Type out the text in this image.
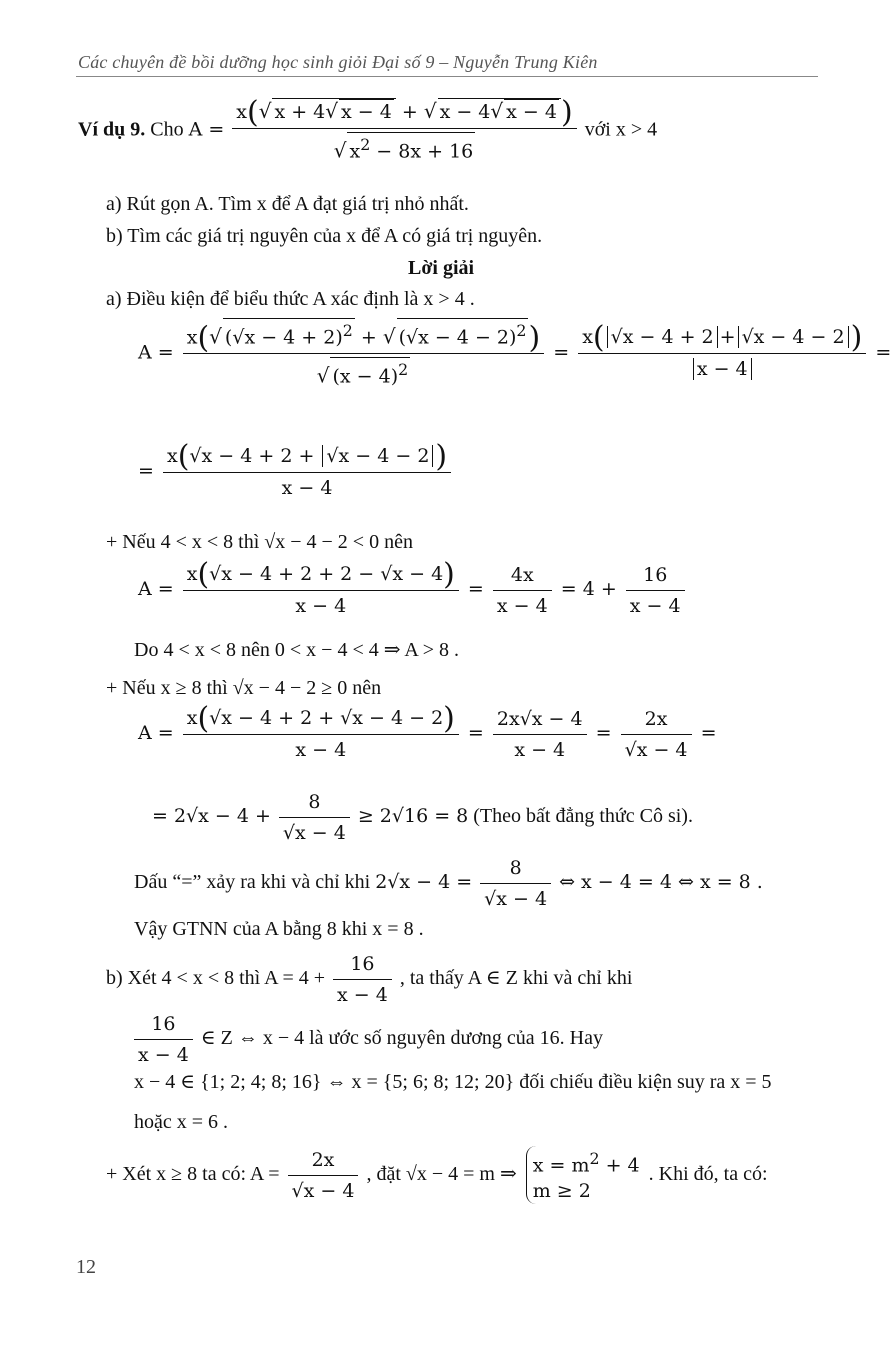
Các chuyên đề bồi dưỡng học sinh giỏi Đại số 9 – Nguyễn Trung Kiên
Ví dụ 9. Cho $A = \frac{x(√ x + 4√ x - 4 + √ x - 4√ x - 4 )}{√ x^2 - 8x + 16}$ với x > 4
a) Rút gọn A. Tìm x để A đạt giá trị nhỏ nhất.
b) Tìm các giá trị nguyên của x để A có giá trị nguyên.
Lời giải
a) Điều kiện để biểu thức A xác định là x > 4 .
$A = \frac{x(√ (√x - 4 + 2)^2 + √ (√x - 4 - 2)^2)}{√ (x - 4)^2} = \frac{x( √x - 4 + 2 + √x - 4 - 2 )}{x - 4}$ =
= $\frac{x(√x - 4 + 2 + √x - 4 - 2 )}{x - 4}$
+ Nếu 4 < x < 8 thì √x − 4 − 2 < 0 nên
$A = \frac{x(√x - 4 + 2 + 2 - √x - 4)}{x - 4} = \frac{4x}{x - 4} = 4 + \frac{16}{x - 4}$
Do 4 < x < 8 nên 0 < x − 4 < 4 ⇒ A > 8 .
+ Nếu x ≥ 8 thì √x − 4 − 2 ≥ 0 nên
$A = \frac{x(√x - 4 + 2 + √x - 4 - 2)}{x - 4} = \frac{2x√x - 4}{x - 4} = \frac{2x}{√x - 4}$ =
= $2√x - 4 + \frac{8}{√x - 4} \ge 2√16 = 8$ (Theo bất đẳng thức Cô si).
Dấu “=” xảy ra khi và chỉ khi $2√x - 4 = \frac{8}{√x - 4}$ ⇔ x − 4 = 4 ⇔ x = 8 .
Vậy GTNN của A bằng 8 khi x = 8 .
b) Xét 4 < x < 8 thì $A = 4 + \frac{16}{x - 4}$ , ta thấy A ∈ Z khi và chỉ khi
$\frac{16}{x - 4}$ ∈ Z ⇔ x − 4 là ước số nguyên dương của 16. Hay
x − 4 ∈ {1; 2; 4; 8; 16} ⇔ x = {5; 6; 8; 12; 20} đối chiếu điều kiện suy ra x = 5
hoặc x = 6 .
+ Xét x ≥ 8 ta có: $A = \frac{2x}{√x - 4}$ , đặt √x − 4 = m ⇒ $x = m^2 + 4$
m ≥ 2 . Khi đó, ta có:
12
